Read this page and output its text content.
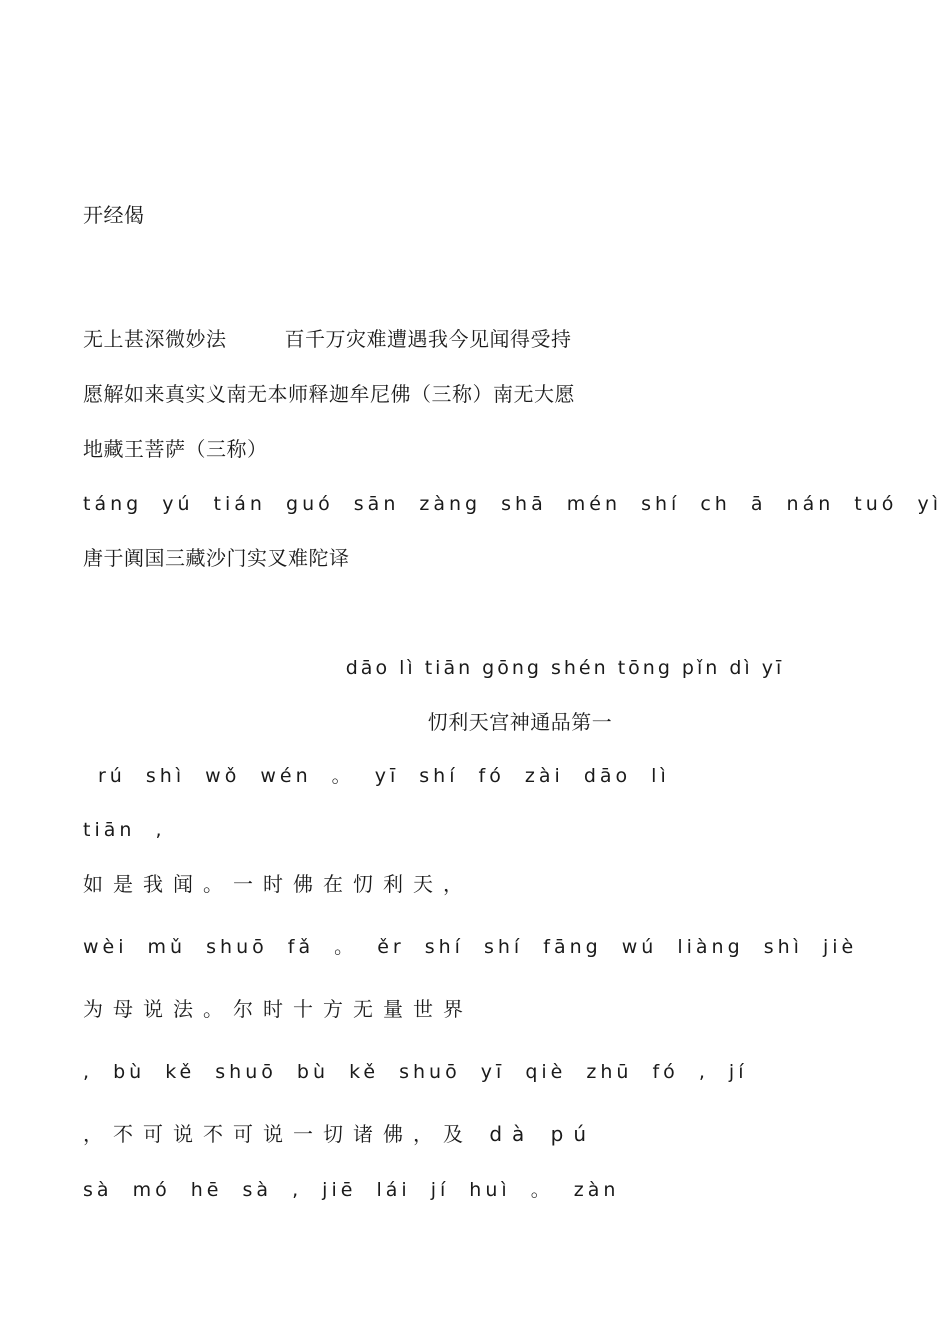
开经偈
无上甚深微妙法	百千万灾难遭遇我今见闻得受持
愿解如来真实义南无本师释迦牟尼佛（三称）南无大愿
地藏王菩萨（三称）
táng yú tián guó sān zàng shā mén shí ch ā nán tuó yì
唐于阗国三藏沙门实叉难陀译
dāo lì tiān gōng shén tōng pǐn dì yī
忉利天宫神通品第一
rú shì wǒ wén 。 yī shí fó zài dāo lì
tiān ,
如是我闻。一时佛在忉利天，
wèi mǔ shuō fǎ 。 ěr shí shí fāng wú liàng shì jiè
为母说法。尔时十方无量世界
, bù kě shuō bù kě shuō yī qiè zhū fó , jí
，不可说不可说一切诸佛，及 dà pú
sà mó hē sà , jiē lái jí huì 。 zàn
